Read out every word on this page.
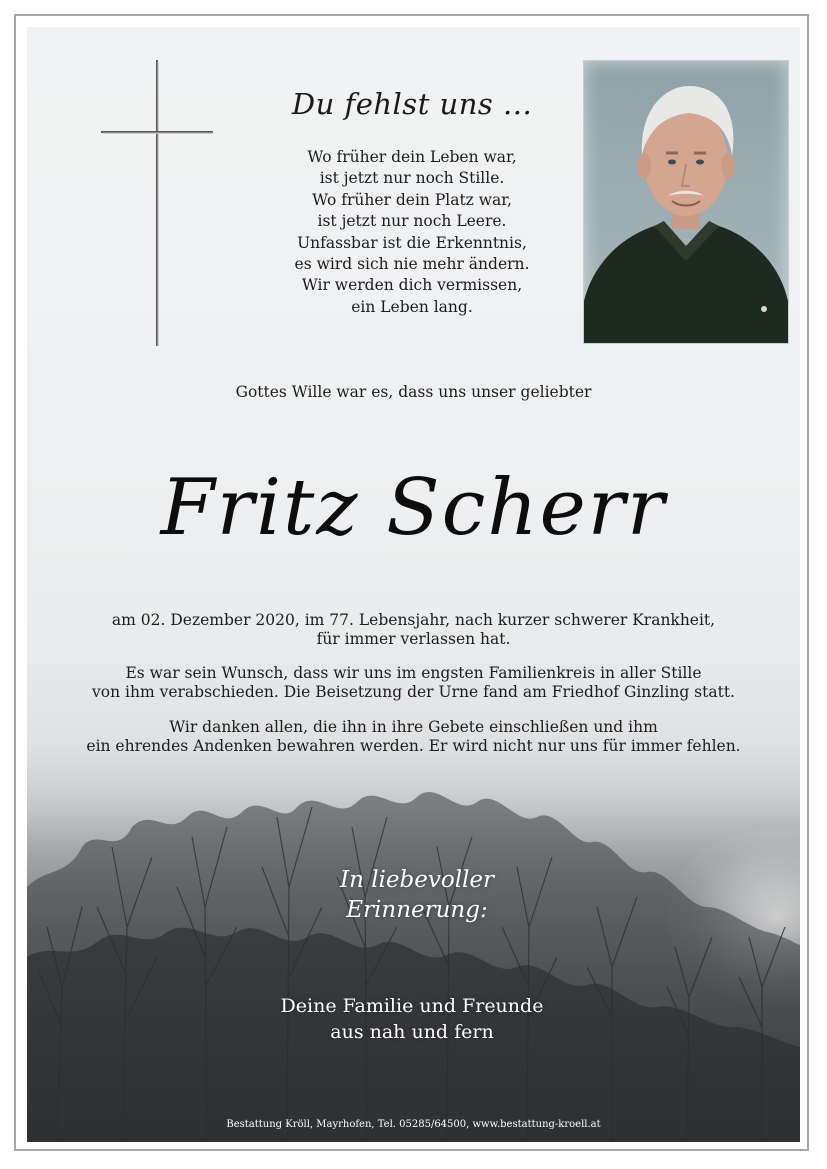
Du fehlst uns ...
Wo früher dein Leben war,
ist jetzt nur noch Stille.
Wo früher dein Platz war,
ist jetzt nur noch Leere.
Unfassbar ist die Erkenntnis,
es wird sich nie mehr ändern.
Wir werden dich vermissen,
ein Leben lang.
Gottes Wille war es, dass uns unser geliebter
Fritz Scherr
am 02. Dezember 2020, im 77. Lebensjahr, nach kurzer schwerer Krankheit,
für immer verlassen hat.
Es war sein Wunsch, dass wir uns im engsten Familienkreis in aller Stille
von ihm verabschieden. Die Beisetzung der Urne fand am Friedhof Ginzling statt.
Wir danken allen, die ihn in ihre Gebete einschließen und ihm
ein ehrendes Andenken bewahren werden. Er wird nicht nur uns für immer fehlen.
In liebevoller
Erinnerung:
Deine Familie und Freunde
aus nah und fern
Bestattung Kröll, Mayrhofen, Tel. 05285/64500, www.bestattung-kroell.at
